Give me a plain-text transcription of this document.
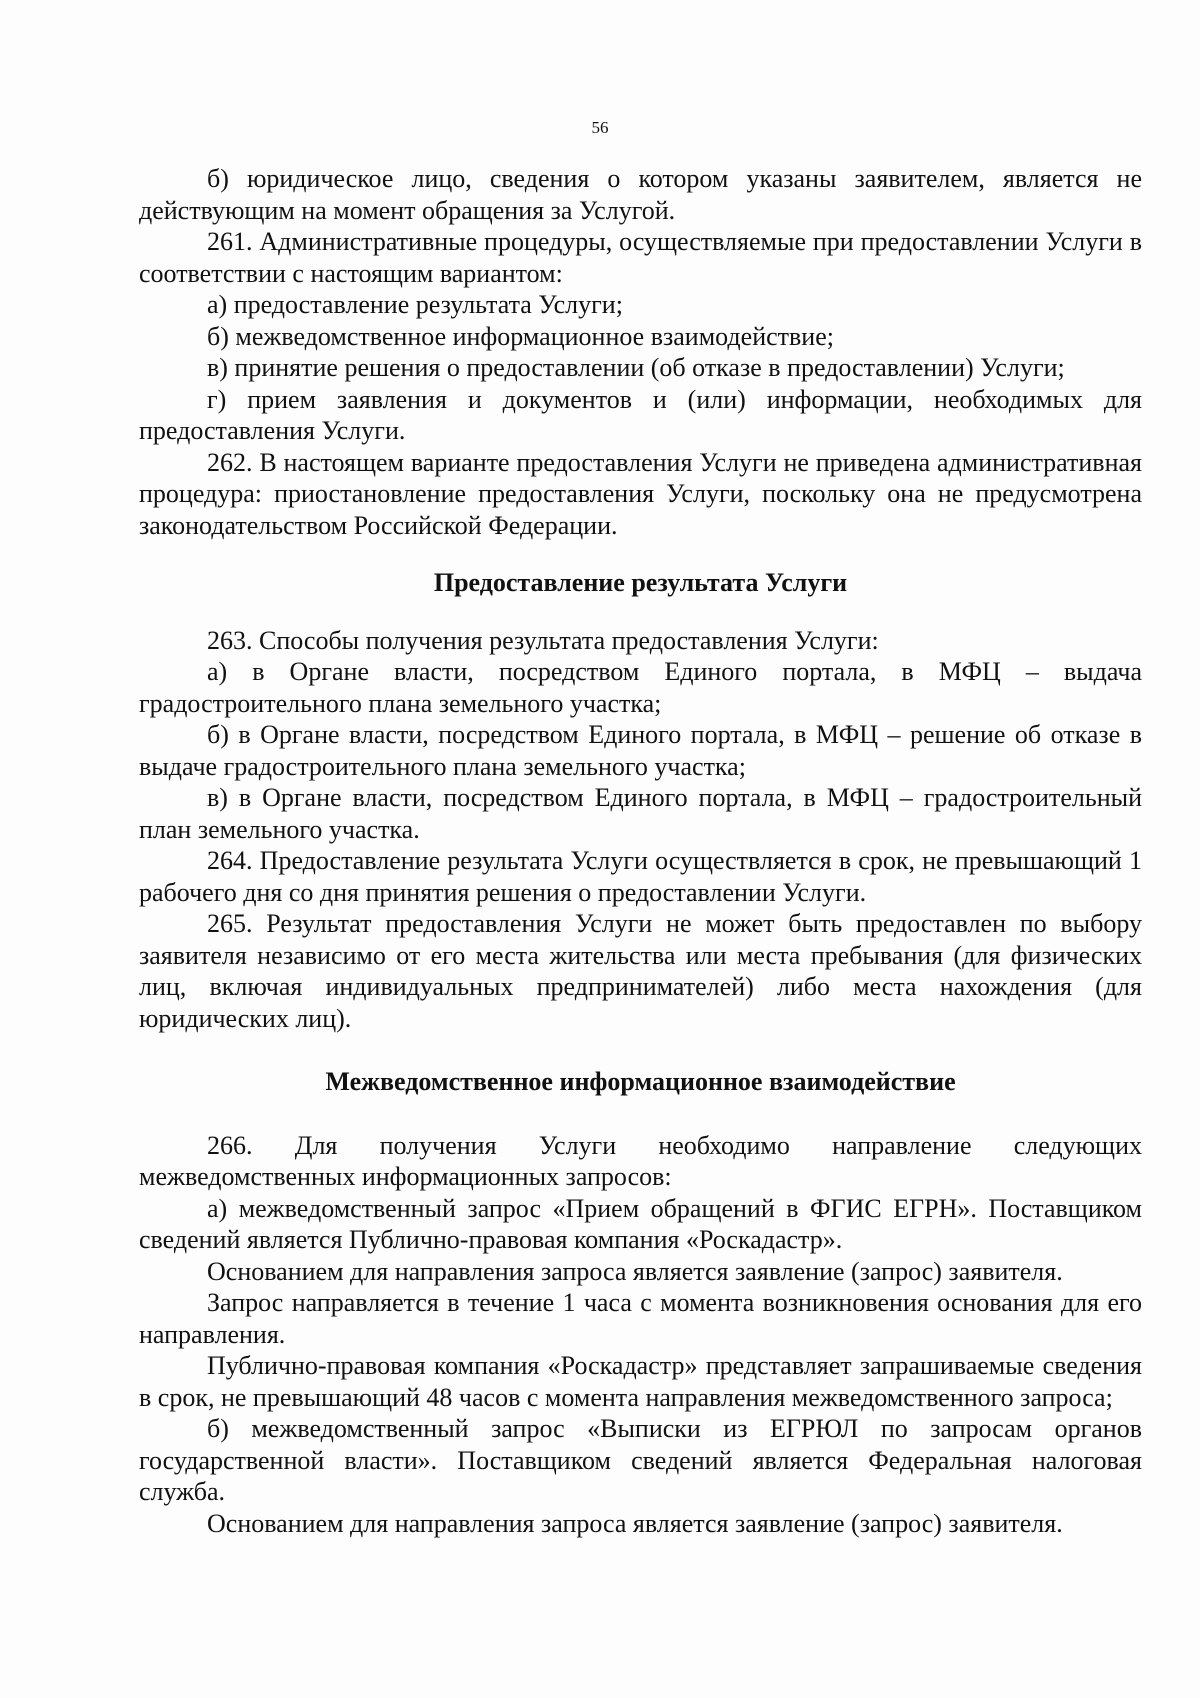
56

б) юридическое лицо, сведения о котором указаны заявителем, является не действующим на момент обращения за Услугой.

261. Административные процедуры, осуществляемые при предоставлении Услуги в соответствии с настоящим вариантом:

а) предоставление результата Услуги;

б) межведомственное информационное взаимодействие;

в) принятие решения о предоставлении (об отказе в предоставлении) Услуги;

г) прием заявления и документов и (или) информации, необходимых для предоставления Услуги.

262. В настоящем варианте предоставления Услуги не приведена административная процедура: приостановление предоставления Услуги, поскольку она не предусмотрена законодательством Российской Федерации.

Предоставление результата Услуги

263. Способы получения результата предоставления Услуги:

а) в Органе власти, посредством Единого портала, в МФЦ – выдача градостроительного плана земельного участка;

б) в Органе власти, посредством Единого портала, в МФЦ – решение об отказе в выдаче градостроительного плана земельного участка;

в) в Органе власти, посредством Единого портала, в МФЦ – градостроительный план земельного участка.

264. Предоставление результата Услуги осуществляется в срок, не превышающий 1 рабочего дня со дня принятия решения о предоставлении Услуги.

265. Результат предоставления Услуги не может быть предоставлен по выбору заявителя независимо от его места жительства или места пребывания (для физических лиц, включая индивидуальных предпринимателей) либо места нахождения (для юридических лиц).

Межведомственное информационное взаимодействие

266. Для получения Услуги необходимо направление следующих межведомственных информационных запросов:

а) межведомственный запрос «Прием обращений в ФГИС ЕГРН». Поставщиком сведений является Публично-правовая компания «Роскадастр».

Основанием для направления запроса является заявление (запрос) заявителя.

Запрос направляется в течение 1 часа с момента возникновения основания для его направления.

Публично-правовая компания «Роскадастр» представляет запрашиваемые сведения в срок, не превышающий 48 часов с момента направления межведомственного запроса;

б) межведомственный запрос «Выписки из ЕГРЮЛ по запросам органов государственной власти». Поставщиком сведений является Федеральная налоговая служба.

Основанием для направления запроса является заявление (запрос) заявителя.
